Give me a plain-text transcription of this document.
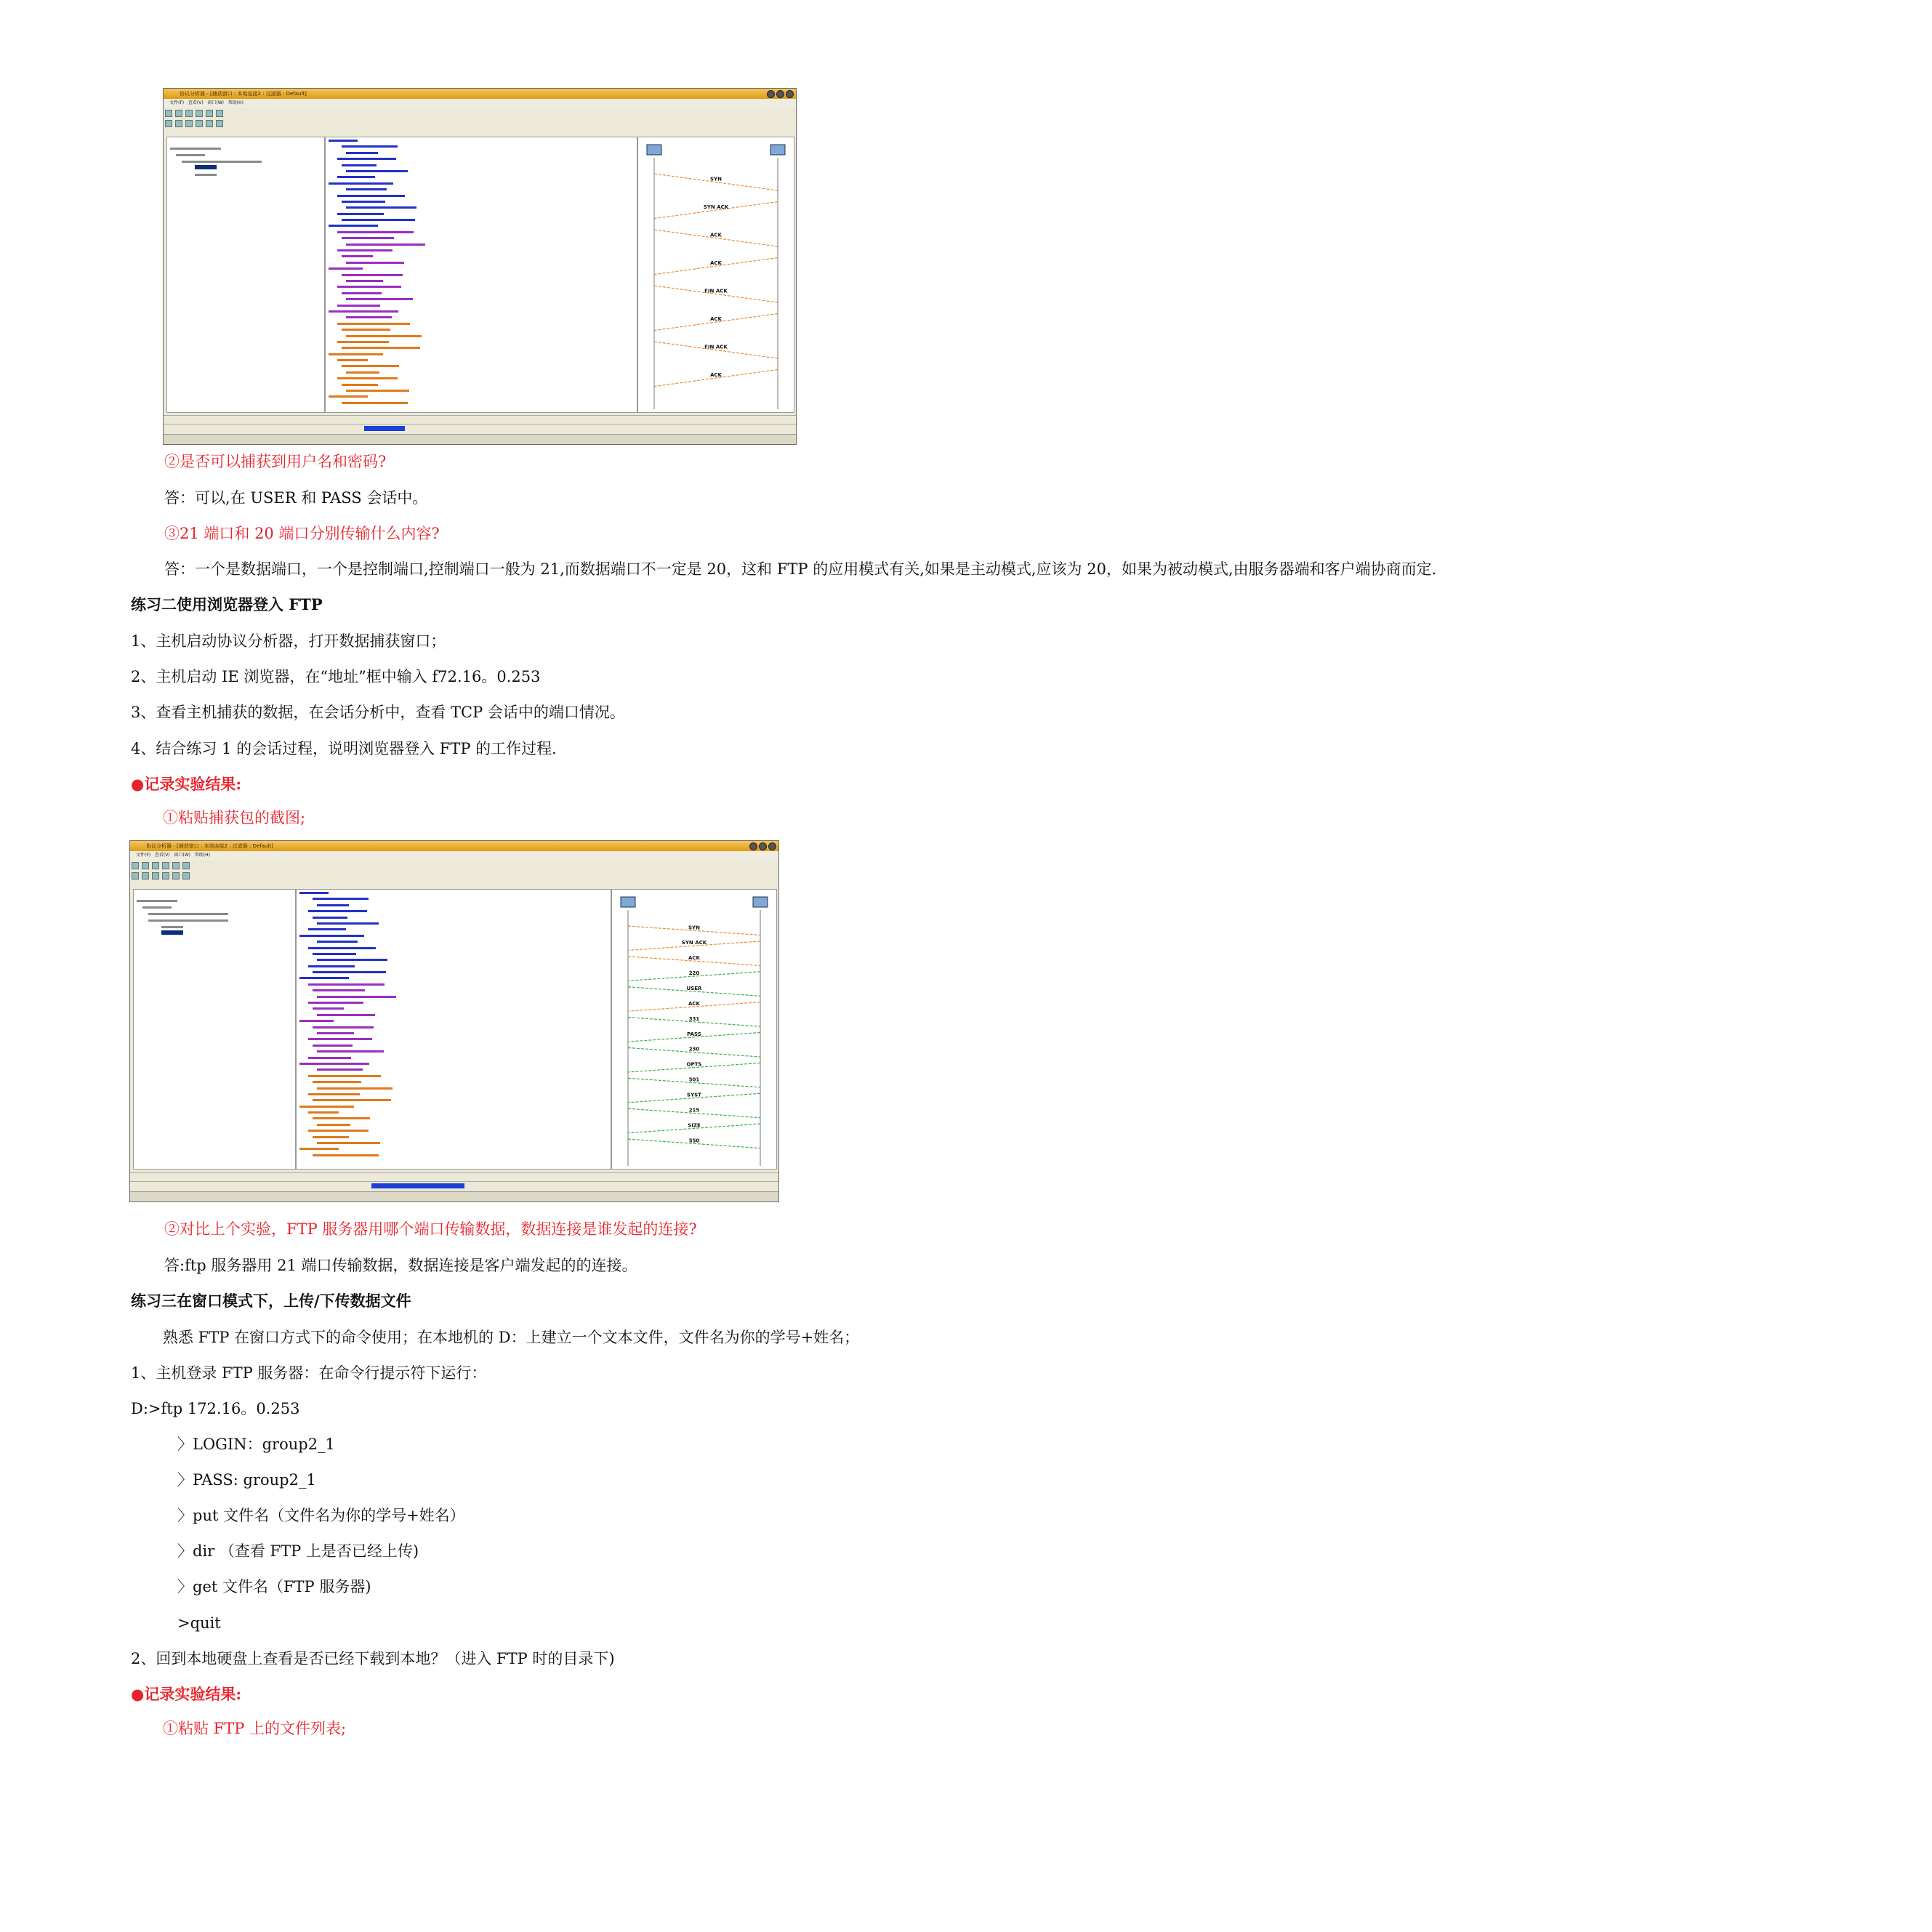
协议分析器 - [捕获窗口 : 本地连接2 : 过滤器 : Default]
文件(F) 查看(V) 窗口(W) 帮助(H)
SYN
SYN ACK
ACK
ACK
FIN ACK
ACK
FIN ACK
ACK
②是否可以捕获到用户名和密码?
答：可以,在 USER 和 PASS 会话中。
③21 端口和 20 端口分别传输什么内容?
答：一个是数据端口，一个是控制端口,控制端口一般为 21,而数据端口不一定是 20，这和 FTP 的应用模式有关,如果是主动模式,应该为 20，如果为被动模式,由服务器端和客户端协商而定.
练习二使用浏览器登入 FTP
1、主机启动协议分析器，打开数据捕获窗口；
2、主机启动 IE 浏览器，在“地址”框中输入 f72.16。0.253
3、查看主机捕获的数据，在会话分析中，查看 TCP 会话中的端口情况。
4、结合练习 1 的会话过程，说明浏览器登入 FTP 的工作过程.
●记录实验结果:
①粘贴捕获包的截图;
协议分析器 - [捕获窗口 : 本地连接2 : 过滤器 : Default]
文件(F) 查看(V) 窗口(W) 帮助(H)
SYN
SYN ACK
ACK
220
USER
ACK
331
PASS
230
OPTS
501
SYST
215
SIZE
550
②对比上个实验，FTP 服务器用哪个端口传输数据，数据连接是谁发起的连接?
答:ftp 服务器用 21 端口传输数据，数据连接是客户端发起的的连接。
练习三在窗口模式下，上传/下传数据文件
熟悉 FTP 在窗口方式下的命令使用；在本地机的 D：上建立一个文本文件，文件名为你的学号+姓名；
1、主机登录 FTP 服务器：在命令行提示符下运行：
D:>ftp 172.16。0.253
〉LOGIN：group2_1
〉PASS: group2_1
〉put 文件名（文件名为你的学号+姓名）
〉dir （查看 FTP 上是否已经上传)
〉get 文件名（FTP 服务器)
>quit
2、回到本地硬盘上查看是否已经下载到本地？（进入 FTP 时的目录下)
●记录实验结果:
①粘贴 FTP 上的文件列表;
